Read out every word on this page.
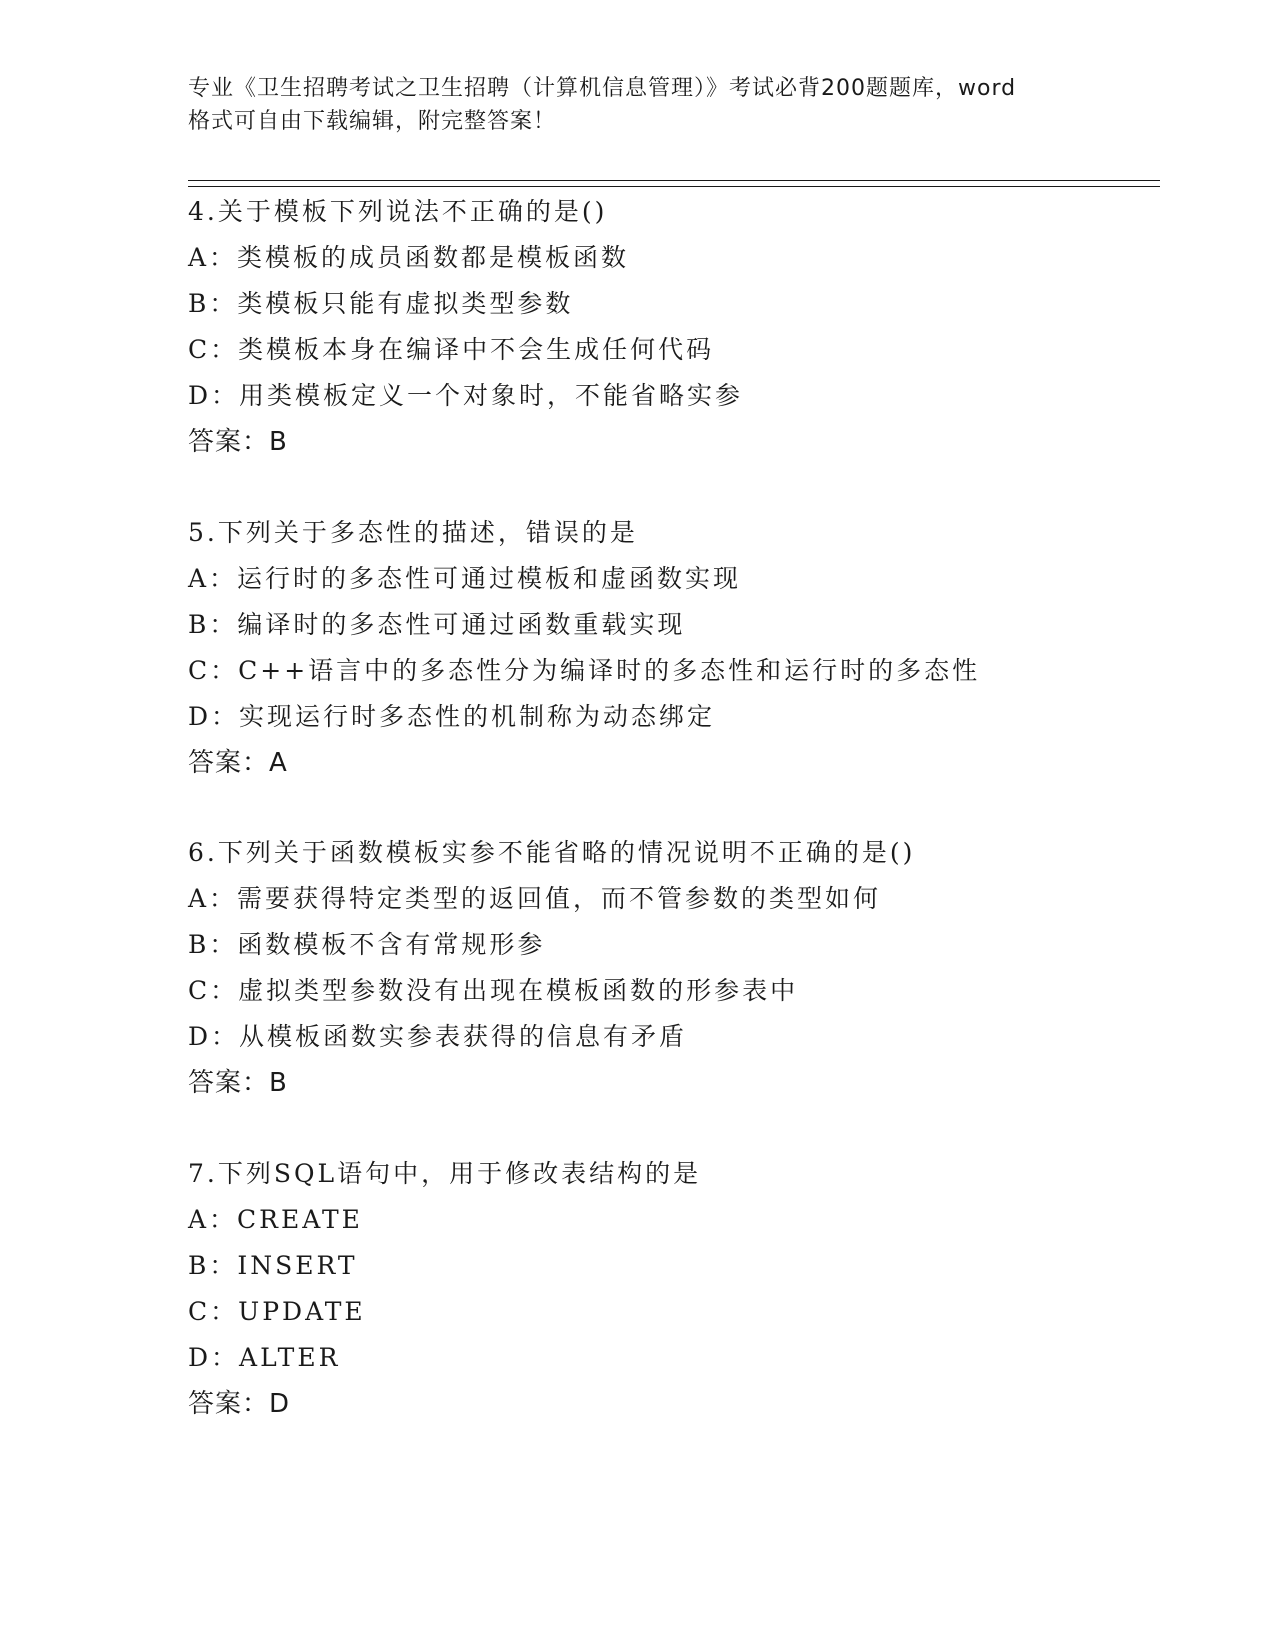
专业《卫生招聘考试之卫生招聘（计算机信息管理）》考试必背200题题库，word
格式可自由下载编辑，附完整答案！
4.关于模板下列说法不正确的是()
A：类模板的成员函数都是模板函数
B：类模板只能有虚拟类型参数
C：类模板本身在编译中不会生成任何代码
D：用类模板定义一个对象时，不能省略实参
答案：B
5.下列关于多态性的描述，错误的是
A：运行时的多态性可通过模板和虚函数实现
B：编译时的多态性可通过函数重载实现
C：C++语言中的多态性分为编译时的多态性和运行时的多态性
D：实现运行时多态性的机制称为动态绑定
答案：A
6.下列关于函数模板实参不能省略的情况说明不正确的是()
A：需要获得特定类型的返回值，而不管参数的类型如何
B：函数模板不含有常规形参
C：虚拟类型参数没有出现在模板函数的形参表中
D：从模板函数实参表获得的信息有矛盾
答案：B
7.下列SQL语句中，用于修改表结构的是
A：CREATE
B：INSERT
C：UPDATE
D：ALTER
答案：D
